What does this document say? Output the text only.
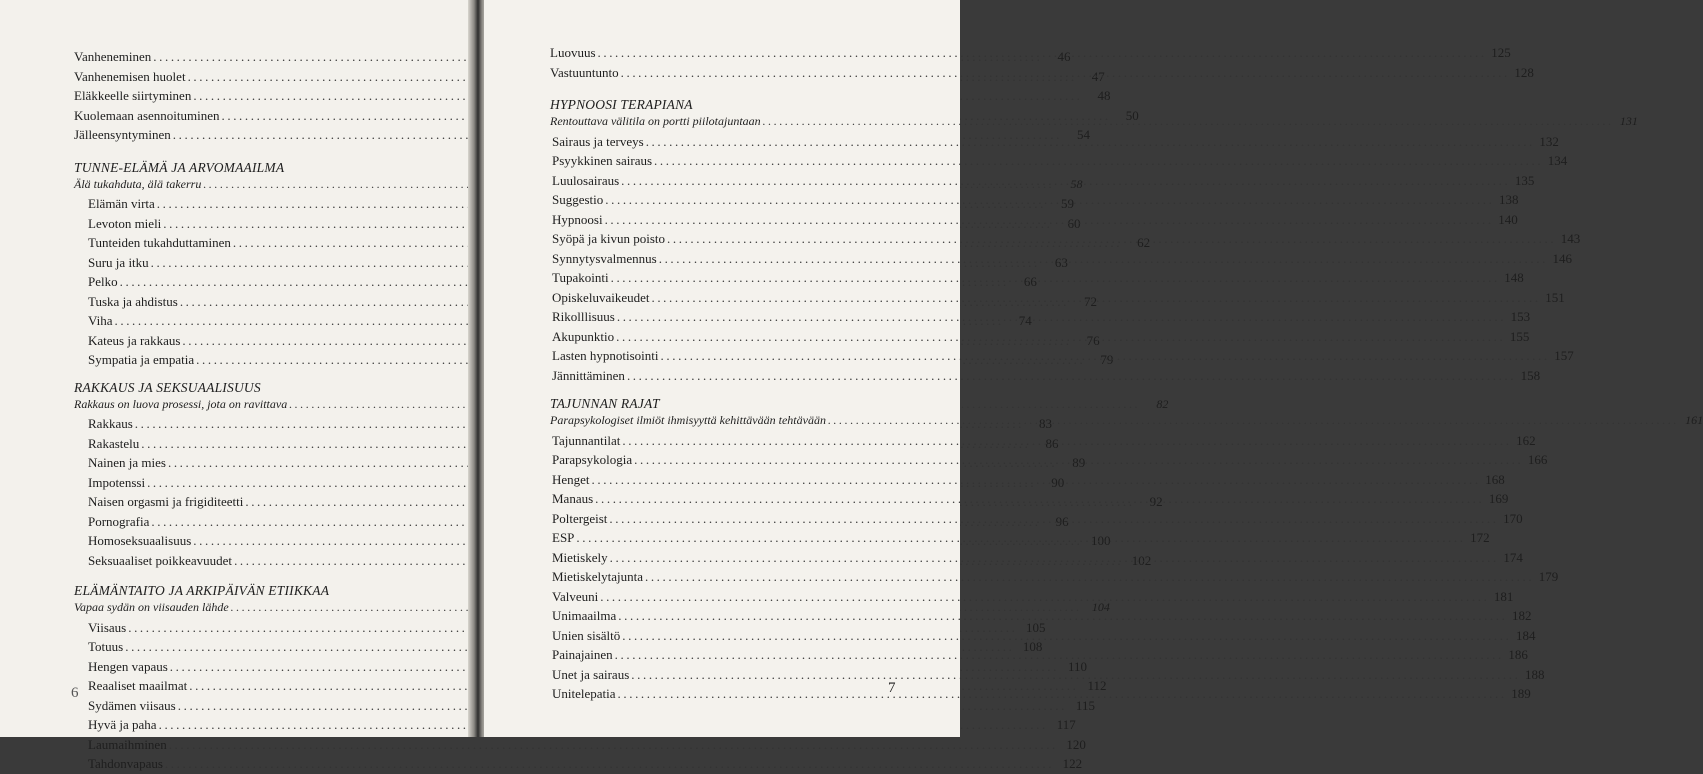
Vanheneminen .....	46
Vanhenemisen huolet .....	47
Eläkkeelle siirtyminen .....	48
Kuolemaan asennoituminen .....	50
Jälleensyntyminen .....	54
TUNNE-ELÄMÄ JA ARVOMAAILMA
Älä tukahduta, älä takerru .....	58
Elämän virta .....	59
Levoton mieli .....	60
Tunteiden tukahduttaminen .....	62
Suru ja itku .....	63
Pelko .....	66
Tuska ja ahdistus .....	72
Viha .....	74
Kateus ja rakkaus .....	76
Sympatia ja empatia .....	79
RAKKAUS JA SEKSUAALISUUS
Rakkaus on luova prosessi, jota on ravittava .....	82
Rakkaus .....	83
Rakastelu .....	86
Nainen ja mies .....	89
Impotenssi .....	90
Naisen orgasmi ja frigiditeetti .....	92
Pornografia .....	96
Homoseksuaalisuus .....	100
Seksuaaliset poikkeavuudet .....	102
ELÄMÄNTAITO JA ARKIPÄIVÄN ETIIKKAA
Vapaa sydän on viisauden lähde .....	104
Viisaus .....	105
Totuus .....	108
Hengen vapaus .....	110
Reaaliset maailmat .....	112
Sydämen viisaus .....	115
Hyvä ja paha .....	117
Laumaihminen .....	120
Tahdonvapaus .....	122
6
Luovuus .....	125
Vastuuntunto .....	128
HYPNOOSI TERAPIANA
Rentouttava välitila on portti piilotajuntaan .....	131
Sairaus ja terveys .....	132
Psyykkinen sairaus .....	134
Luulosairaus .....	135
Suggestio .....	138
Hypnoosi .....	140
Syöpä ja kivun poisto .....	143
Synnytysvalmennus .....	146
Tupakointi .....	148
Opiskeluvaikeudet .....	151
Rikolllisuus .....	153
Akupunktio .....	155
Lasten hypnotisointi .....	157
Jännittäminen .....	158
TAJUNNAN RAJAT
Parapsykologiset ilmiöt ihmisyyttä kehittävään tehtävään .....	161
Tajunnantilat .....	162
Parapsykologia .....	166
Henget .....	168
Manaus .....	169
Poltergeist .....	170
ESP .....	172
Mietiskely .....	174
Mietiskelytajunta .....	179
Valveuni .....	181
Unimaailma .....	182
Unien sisältö .....	184
Painajainen .....	186
Unet ja sairaus .....	188
Unitelepatia .....	189
7
